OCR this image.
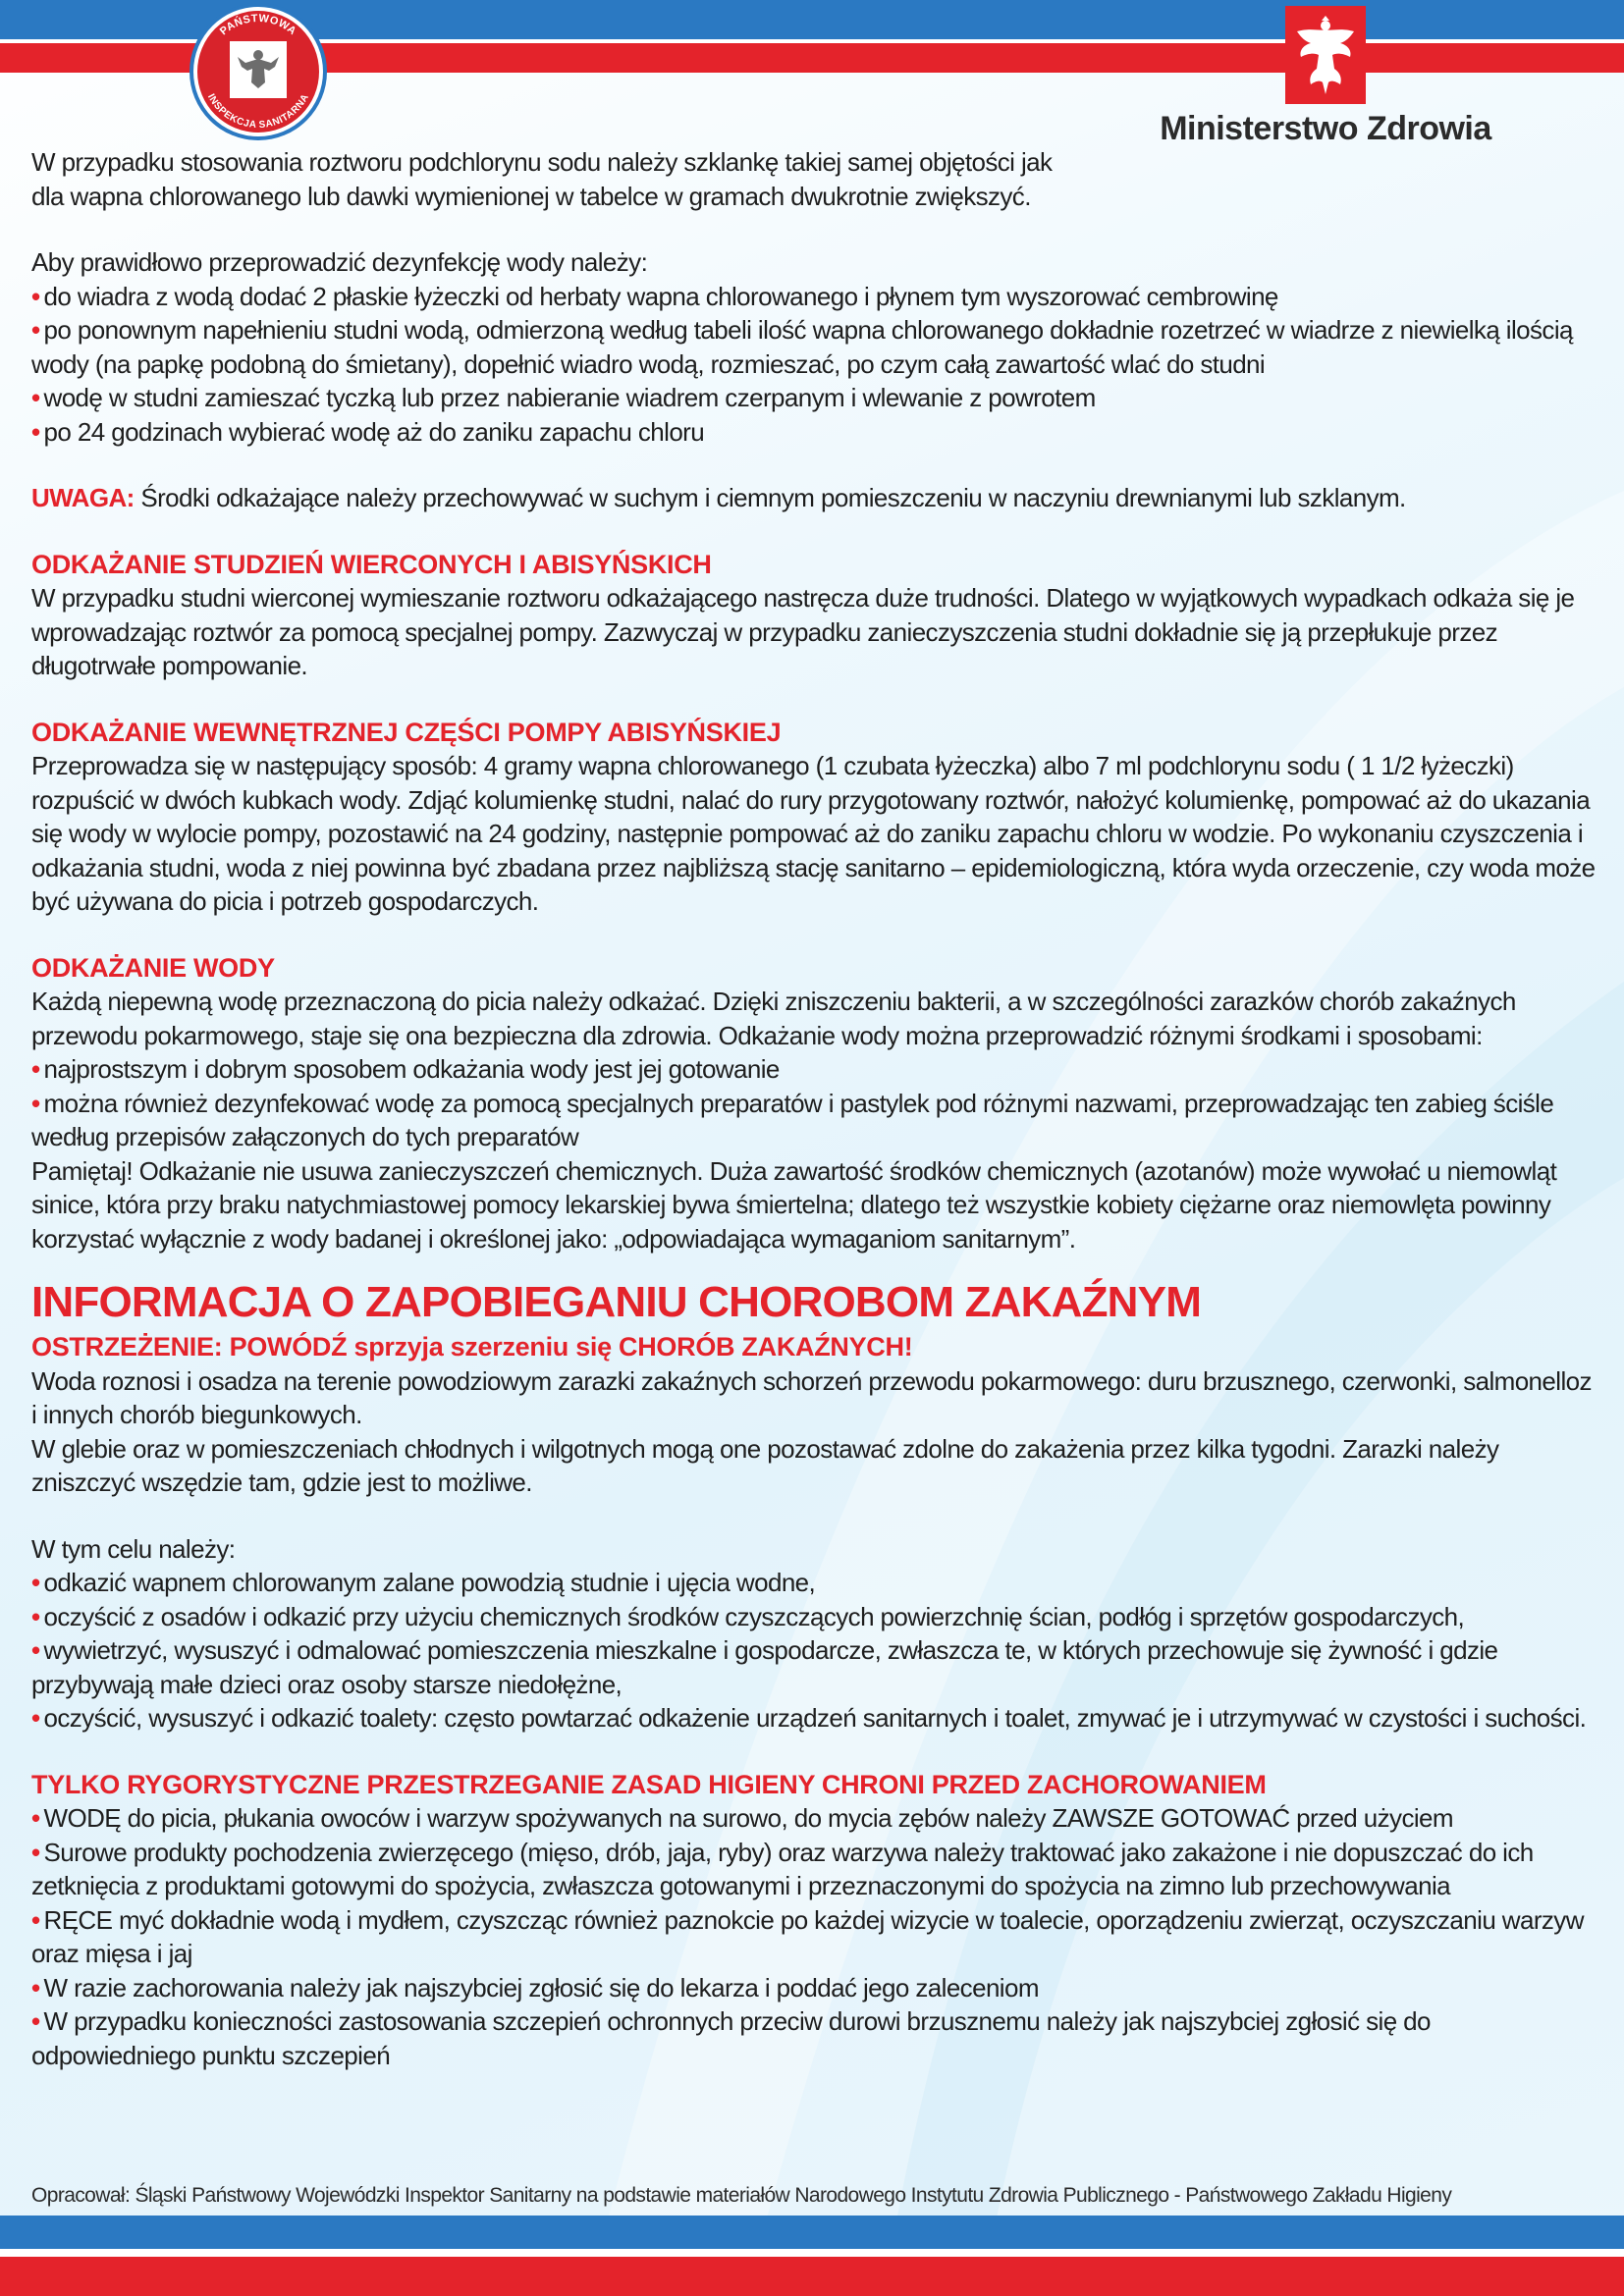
PAŃSTWOWA
INSPEKCJA SANITARNA
Ministerstwo Zdrowia

W przypadku stosowania roztworu podchlorynu sodu należy szklankę takiej samej objętości jak

dla wapna chlorowanego lub dawki wymienionej w tabelce w gramach dwukrotnie zwiększyć.

Aby prawidłowo przeprowadzić dezynfekcję wody należy:

• do wiadra z wodą dodać 2 płaskie łyżeczki od herbaty wapna chlorowanego i płynem tym wyszorować cembrowinę

• po ponownym napełnieniu studni wodą, odmierzoną według tabeli ilość wapna chlorowanego dokładnie rozetrzeć w wiadrze z niewielką ilością wody (na papkę podobną do śmietany), dopełnić wiadro wodą, rozmieszać, po czym całą zawartość wlać do studni

• wodę w studni zamieszać tyczką lub przez nabieranie wiadrem czerpanym i wlewanie z powrotem

• po 24 godzinach wybierać wodę aż do zaniku zapachu chloru

UWAGA: Środki odkażające należy przechowywać w suchym i ciemnym pomieszczeniu w naczyniu drewnianymi lub szklanym.

ODKAŻANIE STUDZIEŃ WIERCONYCH I ABISYŃSKICH

W przypadku studni wierconej wymieszanie roztworu odkażającego nastręcza duże trudności. Dlatego w wyjątkowych wypadkach odkaża się je wprowadzając roztwór za pomocą specjalnej pompy. Zazwyczaj w przypadku zanieczyszczenia studni dokładnie się ją przepłukuje przez długotrwałe pompowanie.

ODKAŻANIE WEWNĘTRZNEJ CZĘŚCI POMPY ABISYŃSKIEJ

Przeprowadza się w następujący sposób: 4 gramy wapna chlorowanego (1 czubata łyżeczka) albo 7 ml podchlorynu sodu ( 1 1/2 łyżeczki) rozpuścić w dwóch kubkach wody. Zdjąć kolumienkę studni, nalać do rury przygotowany roztwór, nałożyć kolumienkę, pompować aż do ukazania się wody w wylocie pompy, pozostawić na 24 godziny, następnie pompować aż do zaniku zapachu chloru w wodzie. Po wykonaniu czyszczenia i odkażania studni, woda z niej powinna być zbadana przez najbliższą stację sanitarno – epidemiologiczną, która wyda orzeczenie, czy woda może być używana do picia i potrzeb gospodarczych.

ODKAŻANIE WODY

Każdą niepewną wodę przeznaczoną do picia należy odkażać. Dzięki zniszczeniu bakterii, a w szczególności zarazków chorób zakaźnych przewodu pokarmowego, staje się ona bezpieczna dla zdrowia. Odkażanie wody można przeprowadzić różnymi środkami i sposobami:

• najprostszym i dobrym sposobem odkażania wody jest jej gotowanie

• można również dezynfekować wodę za pomocą specjalnych preparatów i pastylek pod różnymi nazwami, przeprowadzając ten zabieg ściśle według przepisów załączonych do tych preparatów

Pamiętaj! Odkażanie nie usuwa zanieczyszczeń chemicznych. Duża zawartość środków chemicznych (azotanów) może wywołać u niemowląt sinice, która przy braku natychmiastowej pomocy lekarskiej bywa śmiertelna; dlatego też wszystkie kobiety ciężarne oraz niemowlęta powinny korzystać wyłącznie z wody badanej i określonej jako: „odpowiadająca wymaganiom sanitarnym”.

INFORMACJA O ZAPOBIEGANIU CHOROBOM ZAKAŹNYM

OSTRZEŻENIE: POWÓDŹ sprzyja szerzeniu się CHORÓB ZAKAŹNYCH!

Woda roznosi i osadza na terenie powodziowym zarazki zakaźnych schorzeń przewodu pokarmowego: duru brzusznego, czerwonki, salmonelloz i innych chorób biegunkowych.

W glebie oraz w pomieszczeniach chłodnych i wilgotnych mogą one pozostawać zdolne do zakażenia przez kilka tygodni. Zarazki należy zniszczyć wszędzie tam, gdzie jest to możliwe.

W tym celu należy:

• odkazić wapnem chlorowanym zalane powodzią studnie i ujęcia wodne,

• oczyścić z osadów i odkazić przy użyciu chemicznych środków czyszczących powierzchnię ścian, podłóg i sprzętów gospodarczych,

• wywietrzyć, wysuszyć i odmalować pomieszczenia mieszkalne i gospodarcze, zwłaszcza te, w których przechowuje się żywność i gdzie przybywają małe dzieci oraz osoby starsze niedołężne,

• oczyścić, wysuszyć i odkazić toalety: często powtarzać odkażenie urządzeń sanitarnych i toalet, zmywać je i utrzymywać w czystości i suchości.

TYLKO RYGORYSTYCZNE PRZESTRZEGANIE ZASAD HIGIENY CHRONI PRZED ZACHOROWANIEM

• WODĘ do picia, płukania owoców i warzyw spożywanych na surowo, do mycia zębów należy ZAWSZE GOTOWAĆ przed użyciem

• Surowe produkty pochodzenia zwierzęcego (mięso, drób, jaja, ryby) oraz warzywa należy traktować jako zakażone i nie dopuszczać do ich zetknięcia z produktami gotowymi do spożycia, zwłaszcza gotowanymi i przeznaczonymi do spożycia na zimno lub przechowywania

• RĘCE myć dokładnie wodą i mydłem, czyszcząc również paznokcie po każdej wizycie w toalecie, oporządzeniu zwierząt, oczyszczaniu warzyw oraz mięsa i jaj

• W razie zachorowania należy jak najszybciej zgłosić się do lekarza i poddać jego zaleceniom

• W przypadku konieczności zastosowania szczepień ochronnych przeciw durowi brzusznemu należy jak najszybciej zgłosić się do odpowiedniego punktu szczepień

Opracował: Śląski Państwowy Wojewódzki Inspektor Sanitarny na podstawie materiałów Narodowego Instytutu Zdrowia Publicznego - Państwowego Zakładu Higieny
